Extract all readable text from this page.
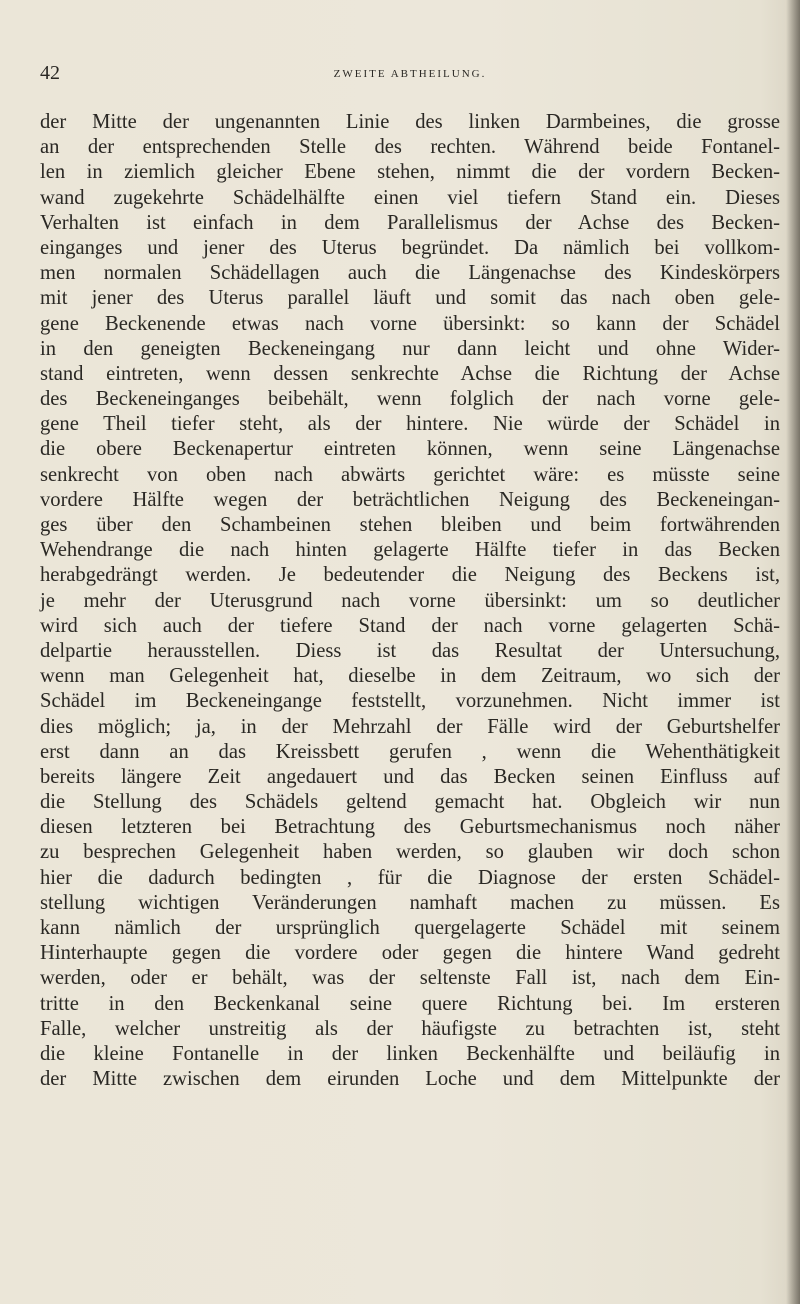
42	ZWEITE ABTHEILUNG.
der Mitte der ungenannten Linie des linken Darmbeines, die grosse
an der entsprechenden Stelle des rechten. Während beide Fontanel-
len in ziemlich gleicher Ebene stehen, nimmt die der vordern Becken-
wand zugekehrte Schädelhälfte einen viel tiefern Stand ein. Dieses
Verhalten ist einfach in dem Parallelismus der Achse des Becken-
einganges und jener des Uterus begründet. Da nämlich bei vollkom-
men normalen Schädellagen auch die Längenachse des Kindeskörpers
mit jener des Uterus parallel läuft und somit das nach oben gele-
gene Beckenende etwas nach vorne übersinkt: so kann der Schädel
in den geneigten Beckeneingang nur dann leicht und ohne Wider-
stand eintreten, wenn dessen senkrechte Achse die Richtung der Achse
des Beckeneinganges beibehält, wenn folglich der nach vorne gele-
gene Theil tiefer steht, als der hintere. Nie würde der Schädel in
die obere Beckenapertur eintreten können, wenn seine Längenachse
senkrecht von oben nach abwärts gerichtet wäre: es müsste seine
vordere Hälfte wegen der beträchtlichen Neigung des Beckeneingan-
ges über den Schambeinen stehen bleiben und beim fortwährenden
Wehendrange die nach hinten gelagerte Hälfte tiefer in das Becken
herabgedrängt werden. Je bedeutender die Neigung des Beckens ist,
je mehr der Uterusgrund nach vorne übersinkt: um so deutlicher
wird sich auch der tiefere Stand der nach vorne gelagerten Schä-
delpartie herausstellen. Diess ist das Resultat der Untersuchung,
wenn man Gelegenheit hat, dieselbe in dem Zeitraum, wo sich der
Schädel im Beckeneingange feststellt, vorzunehmen. Nicht immer ist
dies möglich; ja, in der Mehrzahl der Fälle wird der Geburtshelfer
erst dann an das Kreissbett gerufen , wenn die Wehenthätigkeit
bereits längere Zeit angedauert und das Becken seinen Einfluss auf
die Stellung des Schädels geltend gemacht hat. Obgleich wir nun
diesen letzteren bei Betrachtung des Geburtsmechanismus noch näher
zu besprechen Gelegenheit haben werden, so glauben wir doch schon
hier die dadurch bedingten , für die Diagnose der ersten Schädel-
stellung wichtigen Veränderungen namhaft machen zu müssen. Es
kann nämlich der ursprünglich quergelagerte Schädel mit seinem
Hinterhaupte gegen die vordere oder gegen die hintere Wand gedreht
werden, oder er behält, was der seltenste Fall ist, nach dem Ein-
tritte in den Beckenkanal seine quere Richtung bei. Im ersteren
Falle, welcher unstreitig als der häufigste zu betrachten ist, steht
die kleine Fontanelle in der linken Beckenhälfte und beiläufig in
der Mitte zwischen dem eirunden Loche und dem Mittelpunkte der
